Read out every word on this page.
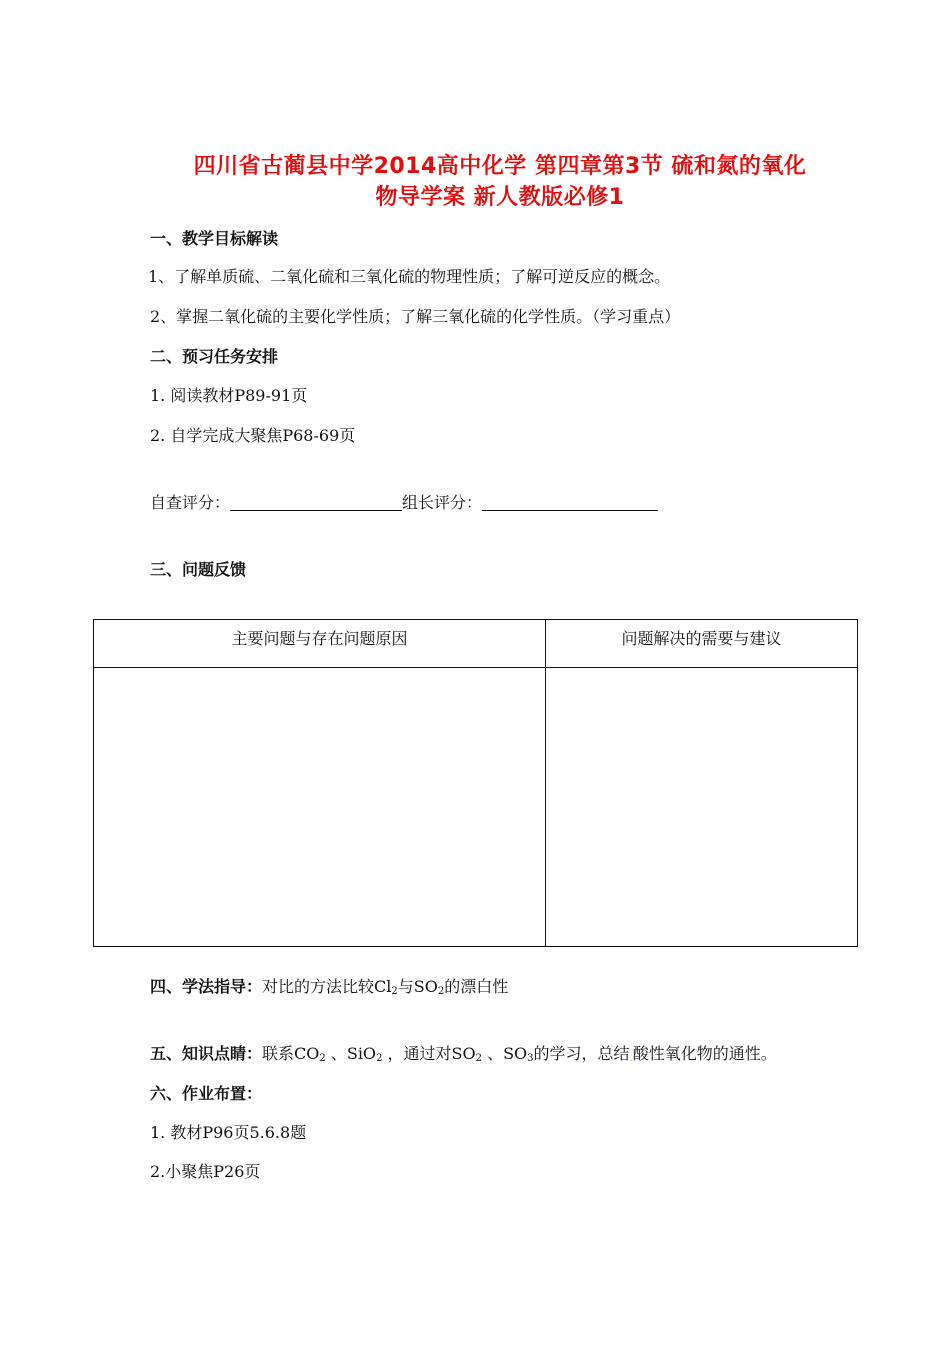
四川省古蔺县中学2014高中化学 第四章第3节 硫和氮的氧化
物导学案 新人教版必修1
一、教学目标解读
1、了解单质硫、二氧化硫和三氧化硫的物理性质；了解可逆反应的概念。
2、掌握二氧化硫的主要化学性质；了解三氧化硫的化学性质。（学习重点）
二、预习任务安排
1. 阅读教材P89-91页
2. 自学完成大聚焦P68-69页
自查评分：	组长评分：
三、问题反馈
主要问题与存在问题原因	问题解决的需要与建议

四、学法指导：对比的方法比较$Cl_2$与$SO_2$的漂白性
五、知识点睛：联系$CO_2$ 、SiO$_2$ ，通过对$SO_2$ 、$SO_3$的学习，总结.酸性氧化物的通性。
六、作业布置：
1. 教材P96页5.6.8题
2.小聚焦P26页
